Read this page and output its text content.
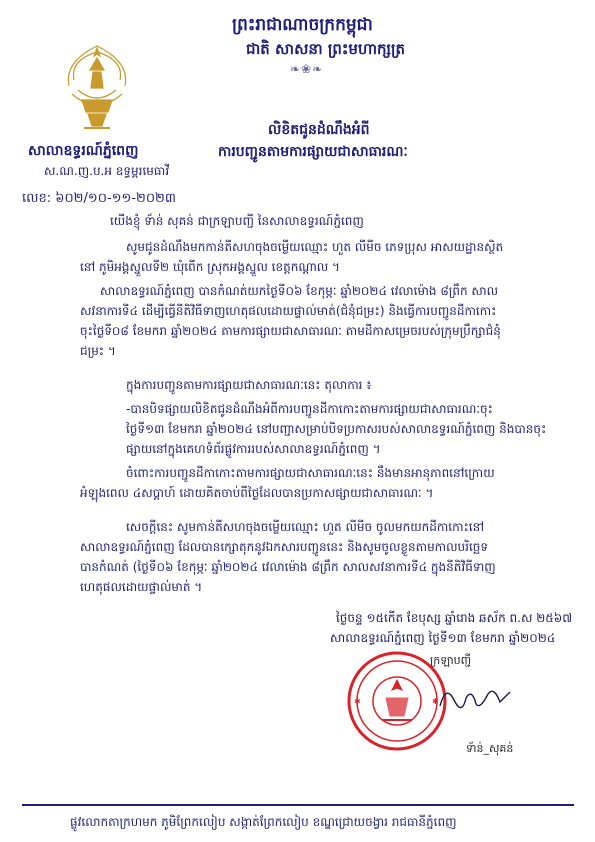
ព្រះរាជាណាចក្រកម្ពុជា
ជាតិ សាសនា ព្រះមហាក្សត្រ
❧❀❧
សាលាឧទ្ធរណ៍ភ្នំពេញ
ស.ណ.ញ.ប.អ ឧទ្ធម្ពរមេធាវី
លេខ: ៦០២/១០-១១-២០២៣
លិខិតជូនដំណឹងអំពី
ការបញ្ជូនតាមការផ្សាយជាសាធារណៈ
យើងខ្ញុំ ទ័ាន់ សុគន់ ជាក្រឡាបញ្ជី នៃសាលាឧទ្ធរណ៍ភ្នំពេញ
សូមជូនដំណឹងមកកាន់តីសហចុងចម្លើយឈ្មោះ ហួត លីមីច ភេទប្រុស អាសយដ្ឋានស្ថិត
នៅ ភូមិអង្គស្នួលទី២ ឃុំពើក ស្រុកអង្គស្នួល ខេត្តកណ្ដាល ។
សាលាឧទ្ធរណ៍ភ្នំពេញ បានកំណត់យកថ្ងៃទី០៦ ខែកុម្ភៈ ឆ្នាំ២០២៤ វេលាម៉ោង ៨ព្រឹក សាល
សវនាការទី៤ ដើម្បីធ្វើនីតិវិធីទាញហេតុផលដោយផ្ទាល់មាត់(ជំនុំជម្រះ) និងធ្វើការបញ្ជូនដីកាកោះ
ចុះថ្ងៃទី០៨ ខែមករា ឆ្នាំ២០២៤ តាមការផ្សាយជាសាធារណៈ តាមដីកាសម្រេចរបស់ក្រុមប្រឹក្សាជំនុំ
ជម្រះ ។
ក្នុងការបញ្ជូនតាមការផ្សាយជាសាធារណៈនេះ តុលាការ ៖
-បានបិទផ្សាយលិខិតជូនដំណឹងអំពីការបញ្ជូនដីកាកោះតាមការផ្សាយជាសាធារណៈចុះ
ថ្ងៃទី១៣ ខែមករា ឆ្នាំ២០២៤ នៅបញ្ជាសម្រាប់បិទប្រកាសរបស់សាលាឧទ្ធរណ៍ភ្នំពេញ និងបានចុះ
ផ្សាយនៅក្នុងគេហទំព័រផ្លូវការរបស់សាលាឧទ្ធរណ៍ភ្នំពេញ ។
ចំពោះការបញ្ជូនដីកាកោះតាមការផ្សាយជាសាធារណៈនេះ នឹងមានអានុភាពនៅក្រោយ
អំឡុងពេល ៤សប្ដាហ៍ ដោយគិតចាប់ពីថ្ងៃដែលបានប្រកាសផ្សាយជាសាធារណៈ ។
សេចក្ដីនេះ សូមកាន់តីសហចុងចម្លើយឈ្មោះ ហួត លីមីច ចូលមកយកដីកាកោះនៅ
សាលាឧទ្ធរណ៍ភ្នំពេញ ដែលបានក្សោតុកនូវឯកសារបញ្ជូននេះ និងសូមចូលខ្លួនតាមកាលបរិច្ឆេទ
បានកំណត់ (ថ្ងៃទី០៦ ខែកុម្ភៈ ឆ្នាំ២០២៤ វេលាម៉ោង ៨ព្រឹក សាលសវនាការទី៤ ក្នុងនីតិវិធីទាញ
ហេតុផលដោយផ្ទាល់មាត់ ។
ថ្ងៃចន្ទ ១៥កើត ខែបុស្ស ឆ្នាំរោង ឆស័ក ព.ស ២៥៦៧
សាលាឧទ្ធរណ៍ភ្នំពេញ ថ្ងៃទី១៣ ខែមករា ឆ្នាំ២០២៤
ក្រឡាបញ្ជី
✱	✱
ទ័ាន់_សុគន់
ផ្លូវលោកតាក្រហមក ភូមិព្រែកលៀប សង្កាត់ព្រែកលៀប ខណ្ឌជ្រោយចង្វារ រាជធានីភ្នំពេញ
